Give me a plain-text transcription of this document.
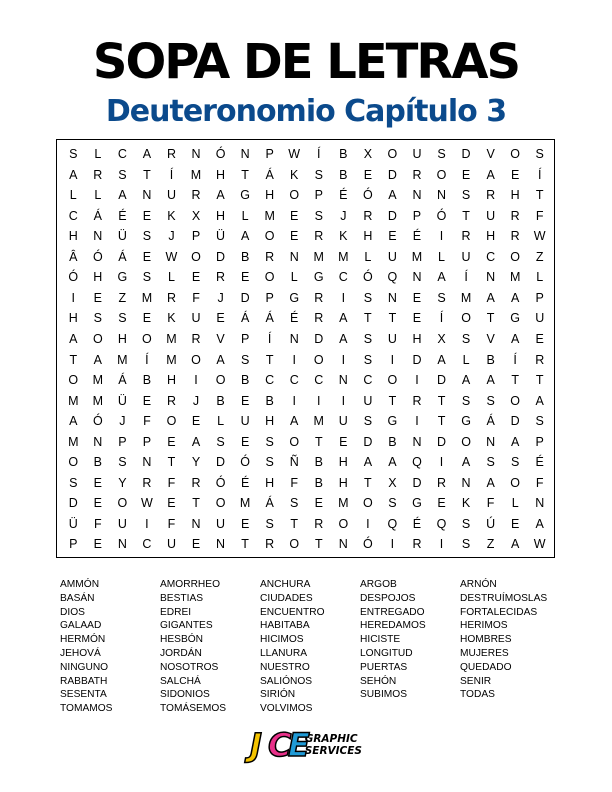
SOPA DE LETRAS
Deuteronomio Capítulo 3
S	L	C	A	R	N	Ó	N	P	W	Í	B	X	O	U	S	D	V	O	S
A	R	S	T	Í	M	H	T	Á	K	S	B	E	D	R	O	E	A	E	Í
L	L	A	N	U	R	A	G	H	O	P	É	Ó	A	N	N	S	R	H	T
C	Á	É	E	K	X	H	L	M	E	S	J	R	D	P	Ó	T	U	R	F
H	N	Ü	S	J	P	Ü	A	O	E	R	K	H	E	É	I	R	H	R	W
Â	Ó	Á	E	W	O	D	B	R	N	M	M	L	U	M	L	U	C	O	Z
Ó	H	G	S	L	E	R	E	O	L	G	C	Ó	Q	N	A	Í	N	M	L
I	E	Z	M	R	F	J	D	P	G	R	I	S	N	E	S	M	A	A	P
H	S	S	E	K	U	E	Á	Á	É	R	A	T	T	E	Í	O	T	G	U
A	O	H	O	M	R	V	P	Í	N	D	A	S	U	H	X	S	V	A	E
T	A	M	Í	M	O	A	S	T	I	O	I	S	I	D	A	L	B	Í	R
O	M	Á	B	H	I	O	B	C	C	C	N	C	O	I	D	A	A	T	T
M	M	Ü	E	R	J	B	E	B	I	I	I	U	T	R	T	S	S	O	A
A	Ó	J	F	O	E	L	U	H	A	M	U	S	G	I	T	G	Á	D	S
M	N	P	P	E	A	S	E	S	O	T	E	D	B	N	D	O	N	A	P
O	B	S	N	T	Y	D	Ó	S	Ñ	B	H	A	A	Q	I	A	S	S	É
S	E	Y	R	F	R	Ó	É	H	F	B	H	T	X	D	R	N	A	O	F
D	E	O	W	E	T	O	M	Á	S	E	M	O	S	G	E	K	F	L	N
Ü	F	U	I	F	N	U	E	S	T	R	O	I	Q	É	Q	S	Ú	E	A
P	E	N	C	U	E	N	T	R	O	T	N	Ó	I	R	I	S	Z	A	W
AMMÓN
BASÁN
DIOS
GALAAD
HERMÓN
JEHOVÁ
NINGUNO
RABBATH
SESENTA
TOMAMOS
AMORRHEO
BESTIAS
EDREI
GIGANTES
HESBÓN
JORDÁN
NOSOTROS
SALCHÁ
SIDONIOS
TOMÁSEMOS
ANCHURA
CIUDADES
ENCUENTRO
HABITABA
HICIMOS
LLANURA
NUESTRO
SALIÓNOS
SIRIÓN
VOLVIMOS
ARGOB
DESPOJOS
ENTREGADO
HEREDAMOS
HICISTE
LONGITUD
PUERTAS
SEHÓN
SUBIMOS
ARNÓN
DESTRUÍMOSLAS
FORTALECIDAS
HERIMOS
HOMBRES
MUJERES
QUEDADO
SENIR
TODAS
J C
E
GRAPHIC
SERVICES
